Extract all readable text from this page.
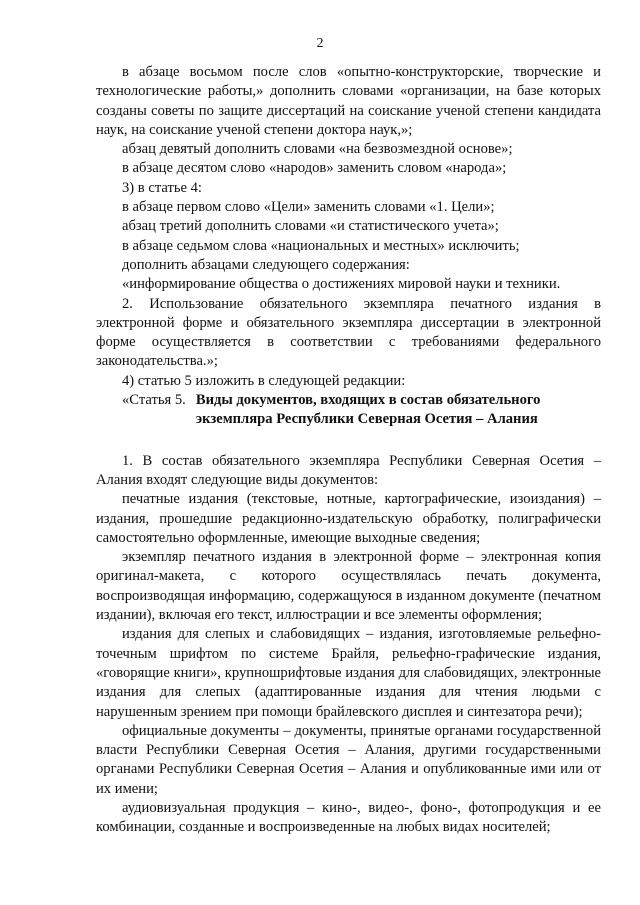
2

в абзаце восьмом после слов «опытно-конструкторские, творческие и технологические работы,» дополнить словами «организации, на базе которых созданы советы по защите диссертаций на соискание ученой степени кандидата наук, на соискание ученой степени доктора наук,»;

абзац девятый дополнить словами «на безвозмездной основе»;

в абзаце десятом слово «народов» заменить словом «народа»;

3) в статье 4:

в абзаце первом слово «Цели» заменить словами «1. Цели»;

абзац третий дополнить словами «и статистического учета»;

в абзаце седьмом слова «национальных и местных» исключить;

дополнить абзацами следующего содержания:

«информирование общества о достижениях мировой науки и техники.

2. Использование обязательного экземпляра печатного издания в электронной форме и обязательного экземпляра диссертации в электронной форме осуществляется в соответствии с требованиями федерального законодательства.»;

4) статью 5 изложить в следующей редакции:

«Статья 5. Виды документов, входящих в состав обязательного
экземпляра Республики Северная Осетия – Алания

1. В состав обязательного экземпляра Республики Северная Осетия – Алания входят следующие виды документов:

печатные издания (текстовые, нотные, картографические, изоиздания) – издания, прошедшие редакционно-издательскую обработку, полиграфически самостоятельно оформленные, имеющие выходные сведения;

экземпляр печатного издания в электронной форме – электронная копия оригинал-макета, с которого осуществлялась печать документа, воспроизводящая информацию, содержащуюся в изданном документе (печатном издании), включая его текст, иллюстрации и все элементы оформления;

издания для слепых и слабовидящих – издания, изготовляемые рельефно-точечным шрифтом по системе Брайля, рельефно-графические издания, «говорящие книги», крупношрифтовые издания для слабовидящих, электронные издания для слепых (адаптированные издания для чтения людьми с нарушенным зрением при помощи брайлевского дисплея и синтезатора речи);

официальные документы – документы, принятые органами государственной власти Республики Северная Осетия – Алания, другими государственными органами Республики Северная Осетия – Алания и опубликованные ими или от их имени;

аудиовизуальная продукция – кино-, видео-, фоно-, фотопродукция и ее комбинации, созданные и воспроизведенные на любых видах носителей;
